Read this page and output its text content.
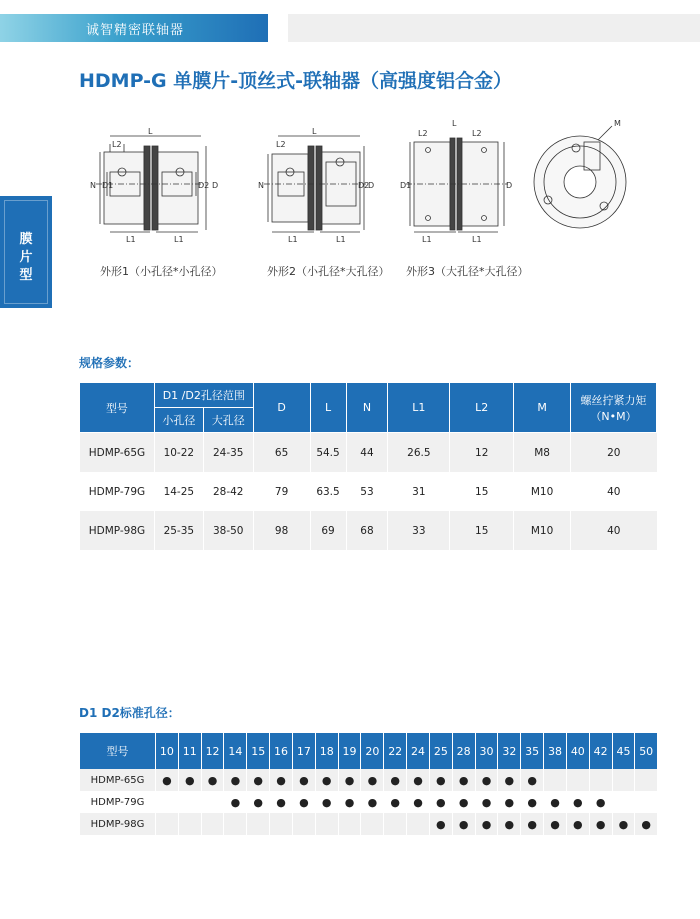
诚智精密联轴器
HDMP-G 单膜片-顶丝式-联轴器（高强度铝合金）
膜
片
型
L
L2
N D1	D2 D
L1	L1
L
L2
N	D2
D
L1	L1
L
L2	L2
D1	D
L1	L1
M
外形1（小孔径*小孔径）	外形2（小孔径*大孔径） 外形3（大孔径*大孔径）
规格参数：
型号	D1 /D2孔径范围		D	L	N	L1	L2	M	螺丝拧紧力矩（N•M）
	小孔径	大孔径							
HDMP-65G	10-22	24-35	65	54.5	44	26.5	12	M8	20
HDMP-79G	14-25	28-42	79	63.5	53	31	15	M10	40
HDMP-98G	25-35	38-50	98	69	68	33	15	M10	40
D1 D2标准孔径：
型号	10	11	12	14	15	16	17	18	19	20	22	24	25	28	30	32	35	38	40	42	45	50
HDMP-65G	●	●	●	●	●	●	●	●	●	●	●	●	●	●	●	●	●					
HDMP-79G				●	●	●	●	●	●	●	●	●	●	●	●	●	●	●	●	●		
HDMP-98G													●	●	●	●	●	●	●	●	●	●
